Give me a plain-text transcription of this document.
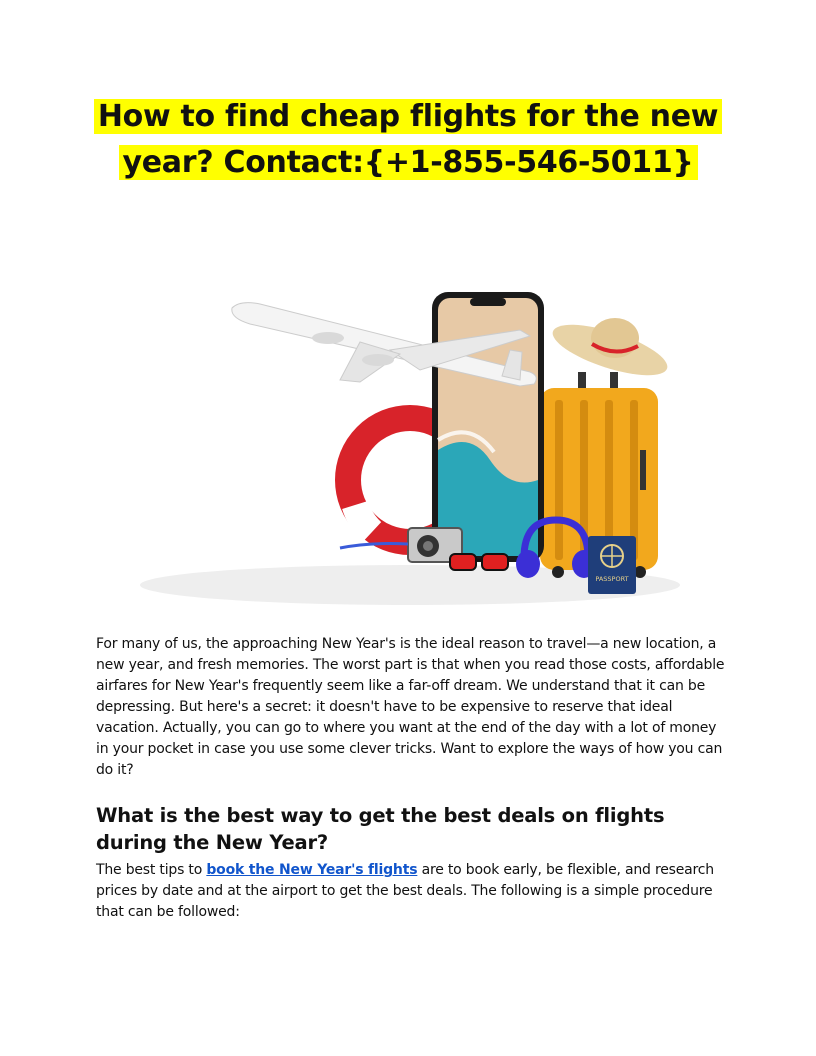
How to find cheap flights for the new year? Contact:{+1-855-546-5011}
PASSPORT

For many of us, the approaching New Year's is the ideal reason to travel—a new location, a new year, and fresh memories. The worst part is that when you read those costs, affordable airfares for New Year's frequently seem like a far-off dream. We understand that it can be depressing. But here's a secret: it doesn't have to be expensive to reserve that ideal vacation. Actually, you can go to where you want at the end of the day with a lot of money in your pocket in case you use some clever tricks. Want to explore the ways of how you can do it?

What is the best way to get the best deals on flights during the New Year?

The best tips to book the New Year's flights are to book early, be flexible, and research prices by date and at the airport to get the best deals. The following is a simple procedure that can be followed:
